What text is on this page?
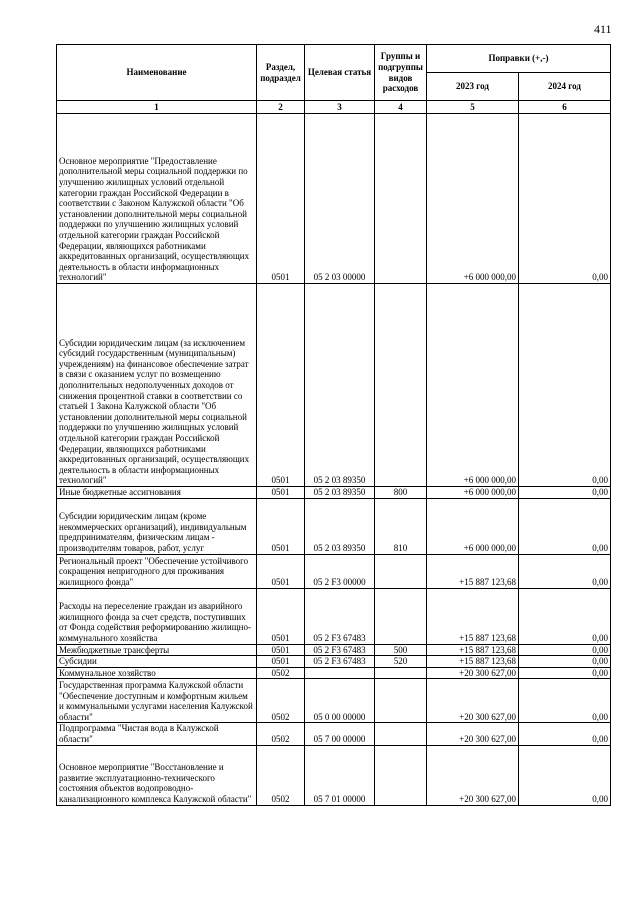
411
Наименование	Раздел, подраздел	Целевая статья	Группы и подгруппы видов расходов	Поправки (+,-)	
				2023 год	2024 год
1	2	3	4	5	6
Основное мероприятие "Предоставление дополнительной меры социальной поддержки по улучшению жилищных условий отдельной категории граждан Российской Федерации в соответствии с Законом Калужской области "Об установлении дополнительной меры социальной поддержки по улучшению жилищных условий отдельной категории граждан Российской Федерации, являющихся работниками аккредитованных организаций, осуществляющих деятельность в области информационных технологий"	0501	05 2 03 00000		+6 000 000,00	0,00
Субсидии юридическим лицам (за исключением субсидий государственным (муниципальным) учреждениям) на финансовое обеспечение затрат в связи с оказанием услуг по возмещению дополнительных недополученных доходов от снижения процентной ставки в соответствии со статьей 1 Закона Калужской области "Об установлении дополнительной меры социальной поддержки по улучшению жилищных условий отдельной категории граждан Российской Федерации, являющихся работниками аккредитованных организаций, осуществляющих деятельность в области информационных технологий"	0501	05 2 03 89350		+6 000 000,00	0,00
Иные бюджетные ассигнования	0501	05 2 03 89350	800	+6 000 000,00	0,00
Субсидии юридическим лицам (кроме некоммерческих организаций), индивидуальным предпринимателям, физическим лицам - производителям товаров, работ, услуг	0501	05 2 03 89350	810	+6 000 000,00	0,00
Региональный проект "Обеспечение устойчивого сокращения непригодного для проживания жилищного фонда"	0501	05 2 F3 00000		+15 887 123,68	0,00
Расходы на переселение граждан из аварийного жилищного фонда за счет средств, поступивших от Фонда содействия реформированию жилищно-коммунального хозяйства	0501	05 2 F3 67483		+15 887 123,68	0,00
Межбюджетные трансферты	0501	05 2 F3 67483	500	+15 887 123,68	0,00
Субсидии	0501	05 2 F3 67483	520	+15 887 123,68	0,00
Коммунальное хозяйство	0502			+20 300 627,00	0,00
Государственная программа Калужской области "Обеспечение доступным и комфортным жильем и коммунальными услугами населения Калужской области"	0502	05 0 00 00000		+20 300 627,00	0,00
Подпрограмма "Чистая вода в Калужской области"	0502	05 7 00 00000		+20 300 627,00	0,00
Основное мероприятие "Восстановление и развитие эксплуатационно-технического состояния объектов водопроводно-канализационного комплекса Калужской области"	0502	05 7 01 00000		+20 300 627,00	0,00
